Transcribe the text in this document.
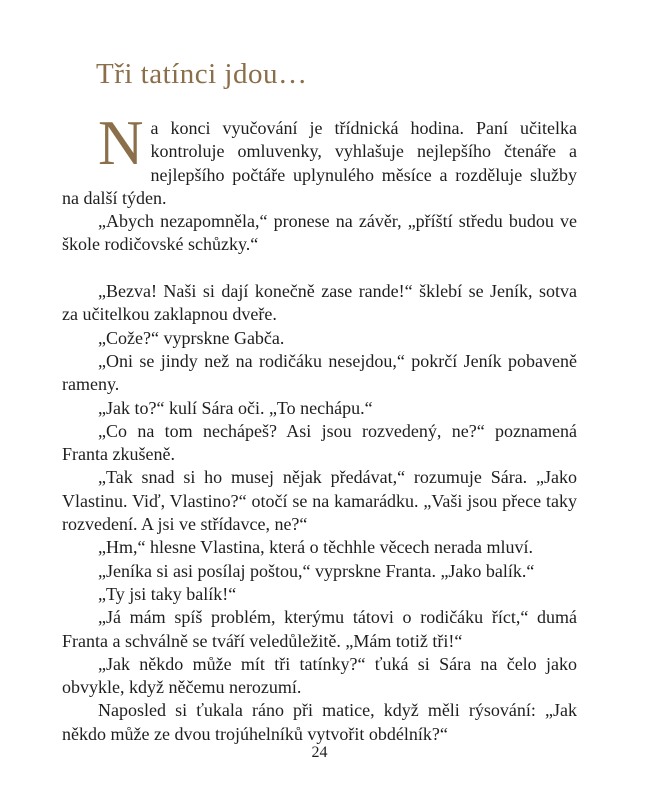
Tři tatínci jdou…

Na konci vyučování je třídnická hodina. Paní učitelka kontroluje omluvenky, vyhlašuje nejlepšího čtenáře a nejlepšího počtáře uplynulého měsíce a rozděluje služby na další týden.

„Abych nezapomněla,“ pronese na závěr, „příští středu budou ve škole rodičovské schůzky.“

„Bezva! Naši si dají konečně zase rande!“ šklebí se Jeník, sotva za učitelkou zaklapnou dveře.

„Cože?“ vyprskne Gabča.

„Oni se jindy než na rodičáku nesejdou,“ pokrčí Jeník pobaveně rameny.

„Jak to?“ kulí Sára oči. „To nechápu.“

„Co na tom nechápeš? Asi jsou rozvedený, ne?“ poznamená Franta zkušeně.

„Tak snad si ho musej nějak předávat,“ rozumuje Sára. „Jako Vlastinu. Viď, Vlastino?“ otočí se na kamarádku. „Vaši jsou přece taky rozvedení. A jsi ve střídavce, ne?“

„Hm,“ hlesne Vlastina, která o těchhle věcech nerada mluví.

„Jeníka si asi posílaj poštou,“ vyprskne Franta. „Jako balík.“

„Ty jsi taky balík!“

„Já mám spíš problém, kterýmu tátovi o rodičáku říct,“ dumá Franta a schválně se tváří veledůležitě. „Mám totiž tři!“

„Jak někdo může mít tři tatínky?“ ťuká si Sára na čelo jako obvykle, když něčemu nerozumí.

Naposled si ťukala ráno při matice, když měli rýsování: „Jak někdo může ze dvou trojúhelníků vytvořit obdélník?“

24
